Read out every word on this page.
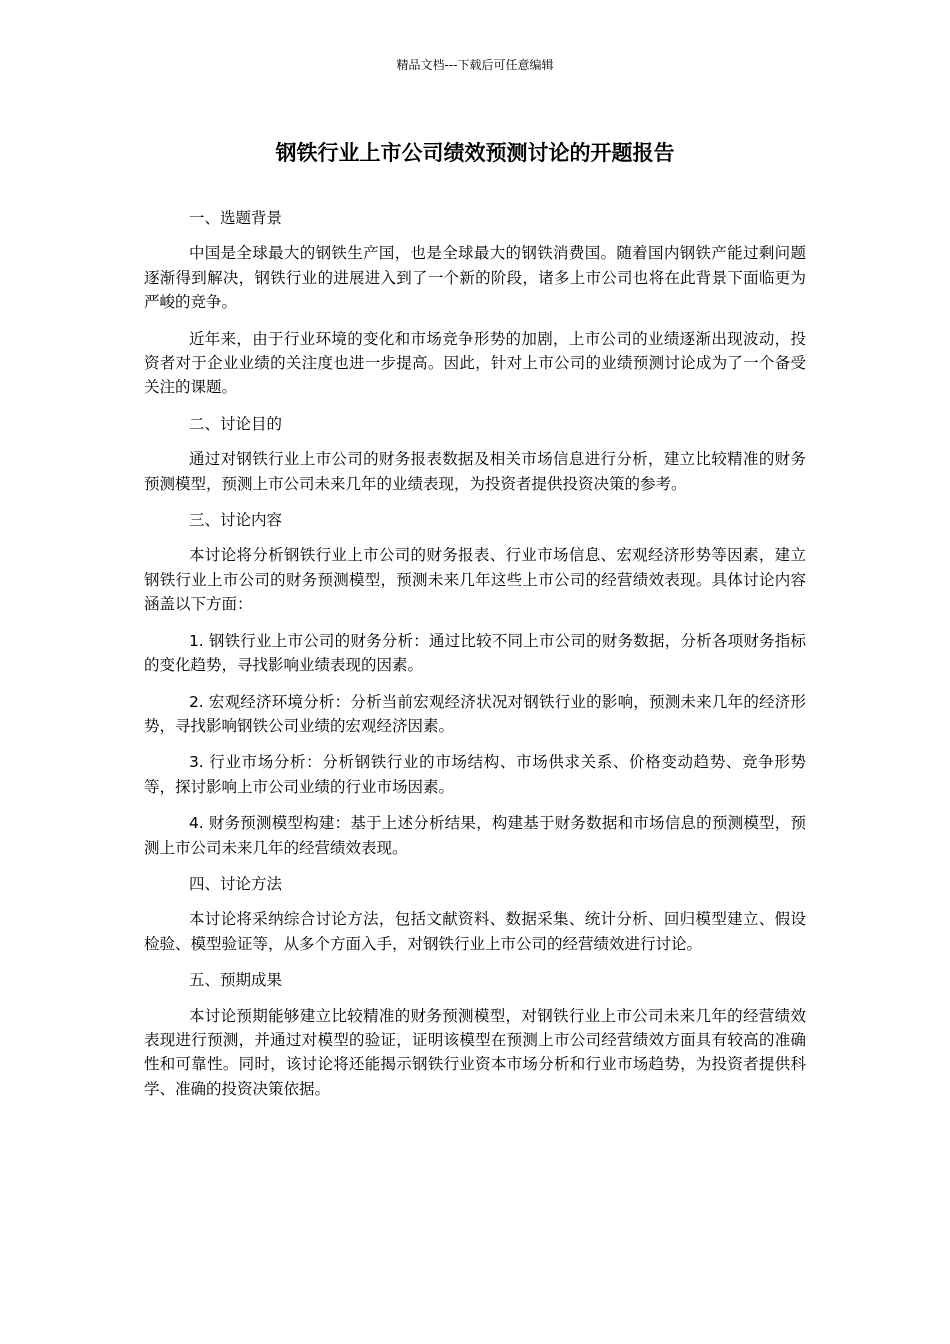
精品文档---下载后可任意编辑
钢铁行业上市公司绩效预测讨论的开题报告

一、选题背景

中国是全球最大的钢铁生产国，也是全球最大的钢铁消费国。随着国内钢铁产能过剩问题逐渐得到解决，钢铁行业的进展进入到了一个新的阶段，诸多上市公司也将在此背景下面临更为严峻的竞争。

近年来，由于行业环境的变化和市场竞争形势的加剧，上市公司的业绩逐渐出现波动，投资者对于企业业绩的关注度也进一步提高。因此，针对上市公司的业绩预测讨论成为了一个备受关注的课题。

二、讨论目的

通过对钢铁行业上市公司的财务报表数据及相关市场信息进行分析，建立比较精准的财务预测模型，预测上市公司未来几年的业绩表现，为投资者提供投资决策的参考。

三、讨论内容

本讨论将分析钢铁行业上市公司的财务报表、行业市场信息、宏观经济形势等因素，建立钢铁行业上市公司的财务预测模型，预测未来几年这些上市公司的经营绩效表现。具体讨论内容涵盖以下方面：

1. 钢铁行业上市公司的财务分析：通过比较不同上市公司的财务数据，分析各项财务指标的变化趋势，寻找影响业绩表现的因素。

2. 宏观经济环境分析：分析当前宏观经济状况对钢铁行业的影响，预测未来几年的经济形势，寻找影响钢铁公司业绩的宏观经济因素。

3. 行业市场分析：分析钢铁行业的市场结构、市场供求关系、价格变动趋势、竞争形势等，探讨影响上市公司业绩的行业市场因素。

4. 财务预测模型构建：基于上述分析结果，构建基于财务数据和市场信息的预测模型，预测上市公司未来几年的经营绩效表现。

四、讨论方法

本讨论将采纳综合讨论方法，包括文献资料、数据采集、统计分析、回归模型建立、假设检验、模型验证等，从多个方面入手，对钢铁行业上市公司的经营绩效进行讨论。

五、预期成果

本讨论预期能够建立比较精准的财务预测模型，对钢铁行业上市公司未来几年的经营绩效表现进行预测，并通过对模型的验证，证明该模型在预测上市公司经营绩效方面具有较高的准确性和可靠性。同时，该讨论将还能揭示钢铁行业资本市场分析和行业市场趋势，为投资者提供科学、准确的投资决策依据。
